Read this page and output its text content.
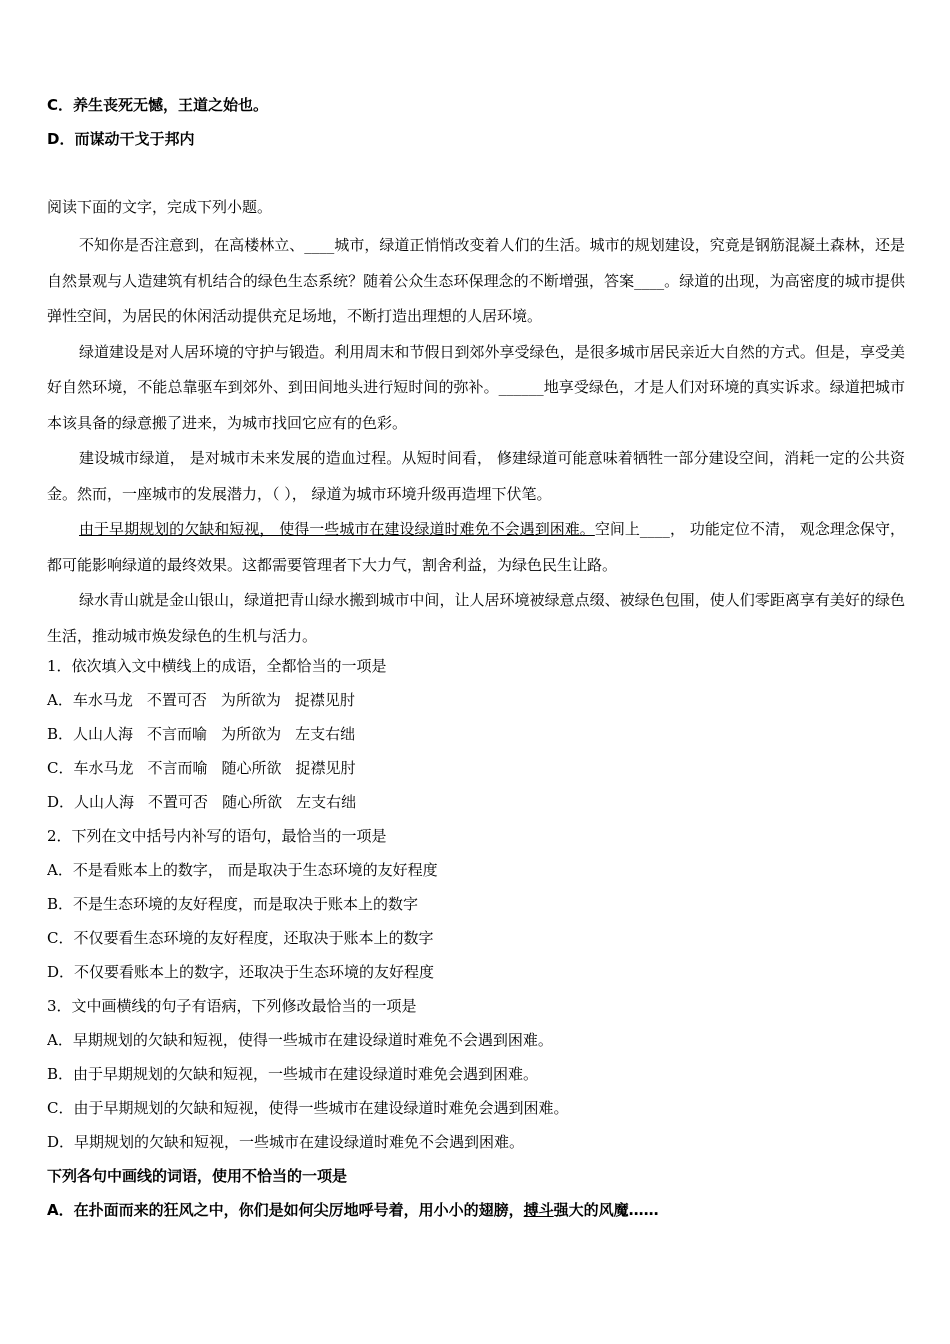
C．养生丧死无憾，王道之始也。
D．而谋动干戈于邦内
阅读下面的文字，完成下列小题。
不知你是否注意到，在高楼林立、____城市，绿道正悄悄改变着人们的生活。城市的规划建设，究竟是钢筋混凝土森林，还是自然景观与人造建筑有机结合的绿色生态系统？随着公众生态环保理念的不断增强，答案____。绿道的出现，为高密度的城市提供弹性空间，为居民的休闲活动提供充足场地，不断打造出理想的人居环境。
绿道建设是对人居环境的守护与锻造。利用周末和节假日到郊外享受绿色，是很多城市居民亲近大自然的方式。但是，享受美好自然环境，不能总靠驱车到郊外、到田间地头进行短时间的弥补。______地享受绿色，才是人们对环境的真实诉求。绿道把城市本该具备的绿意搬了进来，为城市找回它应有的色彩。
建设城市绿道， 是对城市未来发展的造血过程。从短时间看， 修建绿道可能意味着牺牲一部分建设空间，消耗一定的公共资金。然而，一座城市的发展潜力，（ ）， 绿道为城市环境升级再造埋下伏笔。
由于早期规划的欠缺和短视， 使得一些城市在建设绿道时难免不会遇到困难。空间上____， 功能定位不清， 观念理念保守， 都可能影响绿道的最终效果。这都需要管理者下大力气，割舍利益，为绿色民生让路。
绿水青山就是金山银山，绿道把青山绿水搬到城市中间，让人居环境被绿意点缀、被绿色包围，使人们零距离享有美好的绿色生活，推动城市焕发绿色的生机与活力。
1．依次填入文中横线上的成语，全都恰当的一项是
A．车水马龙 不置可否 为所欲为 捉襟见肘
B．人山人海 不言而喻 为所欲为 左支右绌
C．车水马龙 不言而喻 随心所欲 捉襟见肘
D．人山人海 不置可否 随心所欲 左支右绌
2．下列在文中括号内补写的语句，最恰当的一项是
A．不是看账本上的数字， 而是取决于生态环境的友好程度
B．不是生态环境的友好程度，而是取决于账本上的数字
C．不仅要看生态环境的友好程度，还取决于账本上的数字
D．不仅要看账本上的数字，还取决于生态环境的友好程度
3．文中画横线的句子有语病，下列修改最恰当的一项是
A．早期规划的欠缺和短视，使得一些城市在建设绿道时难免不会遇到困难。
B．由于早期规划的欠缺和短视，一些城市在建设绿道时难免会遇到困难。
C．由于早期规划的欠缺和短视，使得一些城市在建设绿道时难免会遇到困难。
D．早期规划的欠缺和短视，一些城市在建设绿道时难免不会遇到困难。
下列各句中画线的词语，使用不恰当的一项是
A．在扑面而来的狂风之中，你们是如何尖厉地呼号着，用小小的翅膀，搏斗强大的风魔……
